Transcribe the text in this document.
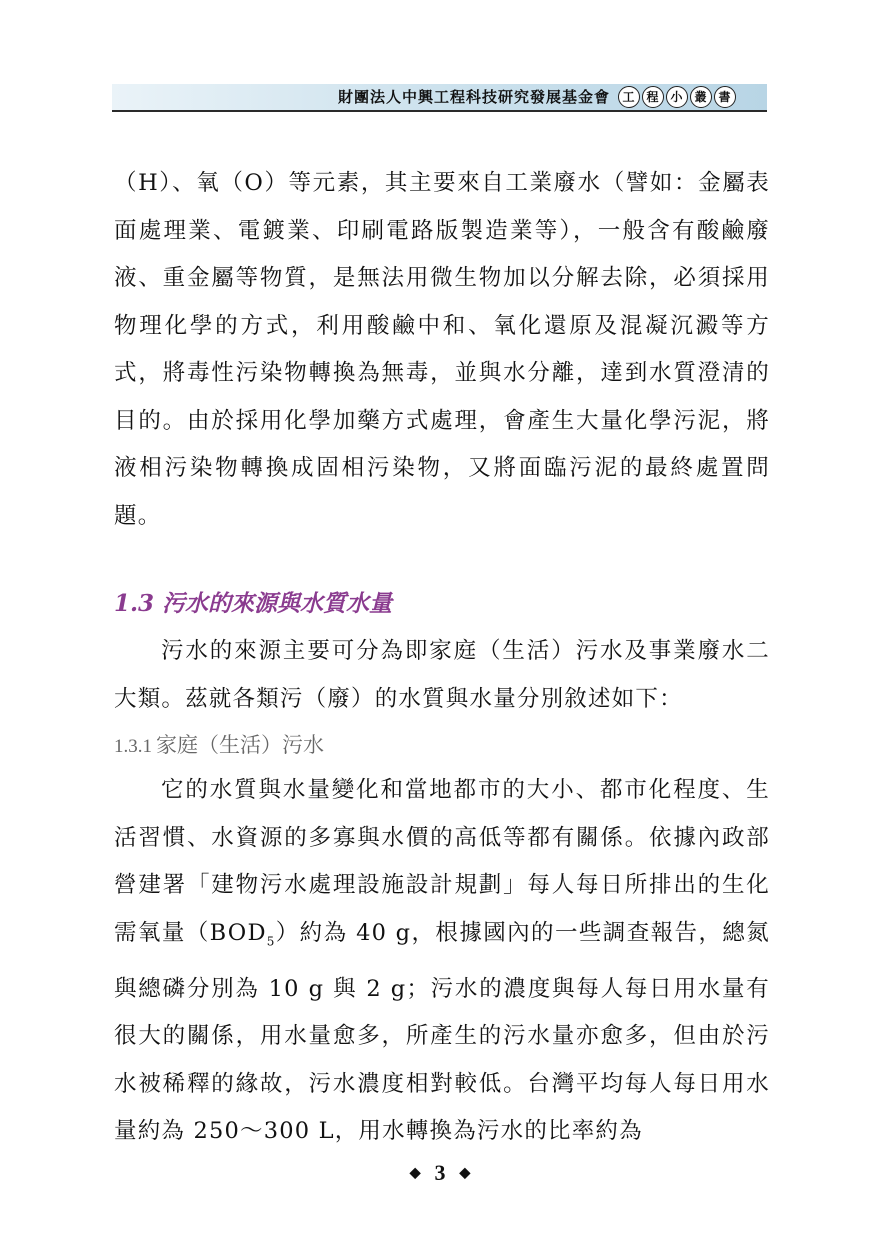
財團法人中興工程科技研究發展基金會	工 程 小 叢 書

（H）、氧（O）等元素，其主要來自工業廢水（譬如：金屬表面處理業、電鍍業、印刷電路版製造業等），一般含有酸鹼廢液、重金屬等物質，是無法用微生物加以分解去除，必須採用物理化學的方式，利用酸鹼中和、氧化還原及混凝沉澱等方式，將毒性污染物轉換為無毒，並與水分離，達到水質澄清的目的。由於採用化學加藥方式處理，會產生大量化學污泥，將液相污染物轉換成固相污染物，又將面臨污泥的最終處置問題。

1.3 污水的來源與水質水量

污水的來源主要可分為即家庭（生活）污水及事業廢水二大類。茲就各類污（廢）的水質與水量分別敘述如下：

1.3.1 家庭（生活）污水

它的水質與水量變化和當地都市的大小、都市化程度、生活習慣、水資源的多寡與水價的高低等都有關係。依據內政部營建署「建物污水處理設施設計規劃」每人每日所排出的生化需氧量$(BOD_5)$約為 40 g，根據國內的一些調查報告，總氮與總磷分別為 10 g 與 2 g；污水的濃度與每人每日用水量有很大的關係，用水量愈多，所產生的污水量亦愈多，但由於污水被稀釋的緣故，污水濃度相對較低。台灣平均每人每日用水量約為 250～300 L，用水轉換為污水的比率約為

◆ 3 ◆
